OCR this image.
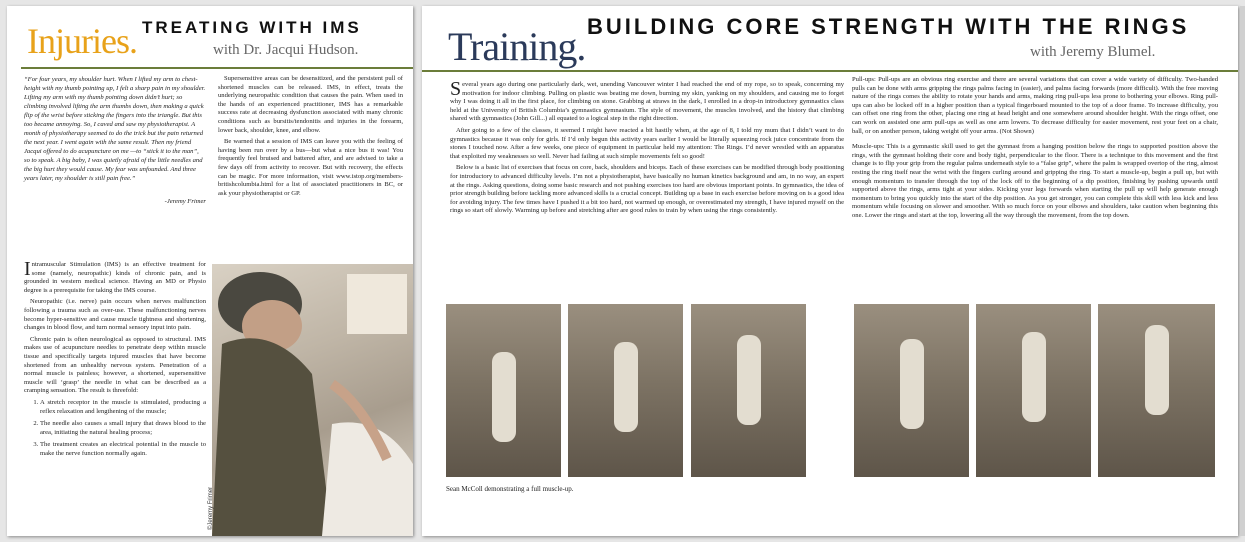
Injuries. TREATING WITH IMS
with Dr. Jacqui Hudson.
“For four years, my shoulder hurt. When I lifted my arm to chest-height with my thumb pointing up, I felt a sharp pain in my shoulder. Lifting my arm with my thumb pointing down didn’t hurt; so climbing involved lifting the arm thumbs down, then making a quick flip of the wrist before sticking the fingers into the triangle. But this too became annoying. So, I caved and saw my physiotherapist. A month of physiotherapy seemed to do the trick but the pain returned the next year. I went again with the same result. Then my friend Jacqui offered to do acupuncture on me —to “stick it to the man”, so to speak. A big baby, I was quietly afraid of the little needles and the big hurt they would cause. My fear was unfounded. And three years later, my shoulder is still pain free.”
-Jeremy Frimer

Intramuscular Stimulation (IMS) is an effective treatment for some (namely, neuropathic) kinds of chronic pain, and is grounded in western medical science. Having an MD or Physio degree is a prerequisite for taking the IMS course.

Neuropathic (i.e. nerve) pain occurs when nerves malfunction following a trauma such as over-use. These malfunctioning nerves become hyper-sensitive and cause muscle tightness and shortening, changes in blood flow, and turn normal sensory input into pain.

Chronic pain is often neurological as opposed to structural. IMS makes use of acupuncture needles to penetrate deep within muscle tissue and specifically targets injured muscles that have become shortened from an unhealthy nervous system. Penetration of a normal muscle is painless; however, a shortened, supersensitive muscle will ‘grasp’ the needle in what can be described as a cramping sensation. The result is threefold:

1. A stretch receptor in the muscle is stimulated, producing a reflex relaxation and lengthening of the muscle;
2. The needle also causes a small injury that draws blood to the area, initiating the natural healing process;
3. The treatment creates an electrical potential in the muscle to make the nerve function normally again.

Supersensitive areas can be desensitized, and the persistent pull of shortened muscles can be released. IMS, in effect, treats the underlying neuropathic condition that causes the pain. When used in the hands of an experienced practitioner, IMS has a remarkable success rate at decreasing dysfunction associated with many chronic conditions such as bursitis/tendonitis and injuries in the forearm, lower back, shoulder, knee, and elbow.

Be warned that a session of IMS can leave you with the feeling of having been run over by a bus—but what a nice bus it was! You frequently feel bruised and battered after, and are advised to take a few days off from activity to recover. But with recovery, the effects can be magic. For more information, visit www.istop.org/members-britishcolumbia.html for a list of associated practitioners in BC, or ask your physiotherapist or GP.

©Jeremy Frimer
Training. BUILDING CORE STRENGTH WITH THE RINGS
with Jeremy Blumel.

Several years ago during one particularly dark, wet, unending Vancouver winter I had reached the end of my rope, so to speak, concerning my motivation for indoor climbing. Pulling on plastic was beating me down, burning my skin, yanking on my shoulders, and causing me to forget why I was doing it all in the first place, for climbing on stone. Grabbing at straws in the dark, I enrolled in a drop-in introductory gymnastics class held at the University of British Columbia’s gymnastics gymnasium. The style of movement, the muscles involved, and the history that climbing shared with gymnastics (John Gill...) all equated to a logical step in the right direction.

After going to a few of the classes, it seemed I might have reacted a bit hastily when, at the age of 8, I told my mum that I didn’t want to do gymnastics because it was only for girls. If I’d only begun this activity years earlier I would be literally squeezing rock juice concentrate from the stones I touched now. After a few weeks, one piece of equipment in particular held my attention: The Rings. I’d never wrestled with an apparatus that exploited my weaknesses so well. Never had failing at such simple movements felt so good!

Below is a basic list of exercises that focus on core, back, shoulders and biceps. Each of these exercises can be modified through body positioning for introductory to advanced difficulty levels. I’m not a physiotherapist, have basically no human kinetics background and am, in no way, an expert at the rings. Asking questions, doing some basic research and not pushing exercises too hard are obvious important points. In gymnastics, the idea of prior strength building before tackling more advanced skills is a crucial concept. Building up a base in each exercise before moving on is a good idea for avoiding injury. The few times have I pushed it a bit too hard, not warmed up enough, or overestimated my strength, I have injured myself on the rings so start off slowly. Warming up before and stretching after are good rules to train by when using the rings consistently.

Pull-ups: Pull-ups are an obvious ring exercise and there are several variations that can cover a wide variety of difficulty. Two-handed pulls can be done with arms gripping the rings palms facing in (easier), and palms facing forwards (more difficult). With the free moving nature of the rings comes the ability to rotate your hands and arms, making ring pull-ups less prone to bothering your elbows. Ring pull-ups can also be locked off in a higher position than a typical fingerboard mounted to the top of a door frame. To increase difficulty, you can offset one ring from the other, placing one ring at head height and one somewhere around shoulder height. With the rings offset, one can work on assisted one arm pull-ups as well as one arm lowers. To decrease difficulty for easier movement, rest your feet on a chair, ball, or on another person, taking weight off your arms. (Not Shown)

Muscle-ups: This is a gymnastic skill used to get the gymnast from a hanging position below the rings to supported position above the rings, with the gymnast holding their core and body tight, perpendicular to the floor. There is a technique to this movement and the first change is to flip your grip from the regular palms underneath style to a “false grip”, where the palm is wrapped overtop of the ring, almost resting the ring itself near the wrist with the fingers curling around and gripping the ring. To start a muscle-up, begin a pull up, but with enough momentum to transfer through the top of the lock off to the beginning of a dip position, finishing by pushing upwards until supported above the rings, arms tight at your sides. Kicking your legs forwards when starting the pull up will help generate enough momentum to bring you quickly into the start of the dip position. As you get stronger, you can complete this skill with less kick and less momentum while focusing on slower and smoother. With so much force on your elbows and shoulders, take caution when beginning this one. Lower the rings and start at the top, lowering all the way through the movement, from the top down.

Sean McColl demonstrating a full muscle-up.
